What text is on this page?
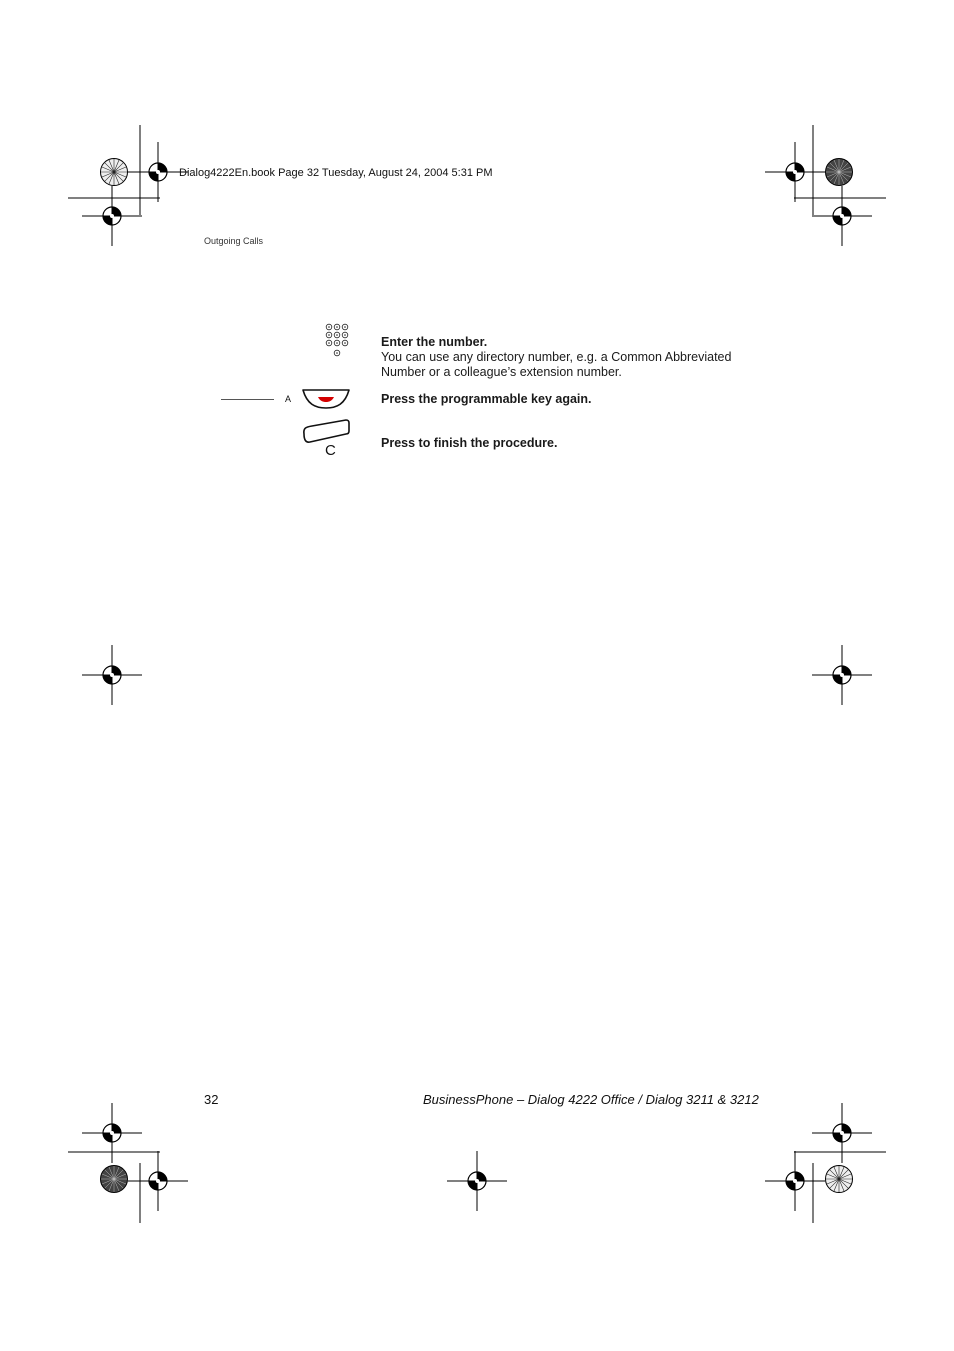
Dialog4222En.book Page 32 Tuesday, August 24, 2004 5:31 PM
Outgoing Calls
Enter the number.
You can use any directory number, e.g. a Common Abbreviated Number or a colleague’s extension number.
A	Press the programmable key again.
C	Press to finish the procedure.
32	BusinessPhone – Dialog 4222 Office / Dialog 3211 & 3212
